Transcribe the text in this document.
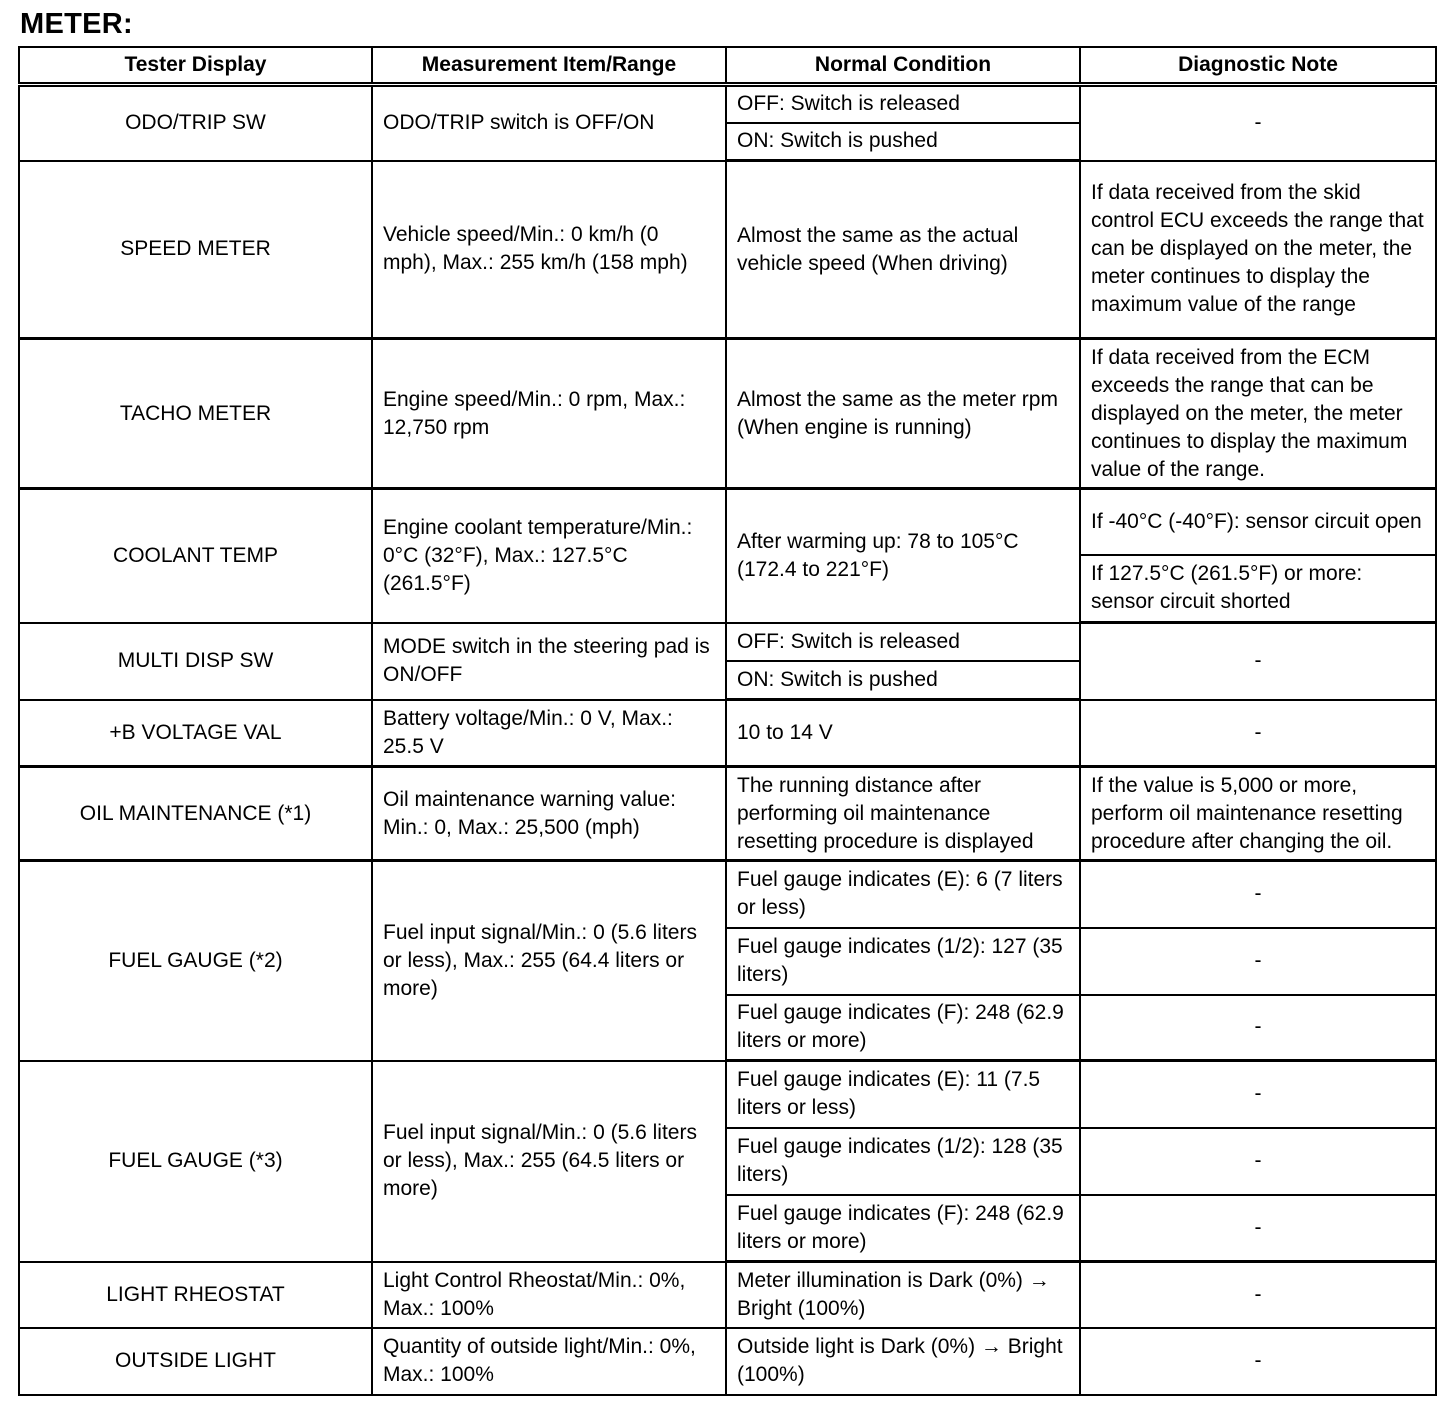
METER:
Tester Display	Measurement Item/Range	Normal Condition	Diagnostic Note
ODO/TRIP SW	ODO/TRIP switch is OFF/ON	OFF: Switch is released	-
		ON: Switch is pushed	
SPEED METER	Vehicle speed/Min.: 0 km/h (0 mph), Max.: 255 km/h (158 mph)	Almost the same as the actual vehicle speed (When driving)	If data received from the skid control ECU exceeds the range that can be displayed on the meter, the meter continues to display the maximum value of the range
TACHO METER	Engine speed/Min.: 0 rpm, Max.: 12,750 rpm	Almost the same as the meter rpm (When engine is running)	If data received from the ECM exceeds the range that can be displayed on the meter, the meter continues to display the maximum value of the range.
COOLANT TEMP	Engine coolant temperature/Min.: 0°C (32°F), Max.: 127.5°C (261.5°F)	After warming up: 78 to 105°C (172.4 to 221°F)	If -40°C (-40°F): sensor circuit open
			If 127.5°C (261.5°F) or more: sensor circuit shorted
MULTI DISP SW	MODE switch in the steering pad is ON/OFF	OFF: Switch is released	-
		ON: Switch is pushed	
+B VOLTAGE VAL	Battery voltage/Min.: 0 V, Max.: 25.5 V	10 to 14 V	-
OIL MAINTENANCE (*1)	Oil maintenance warning value: Min.: 0, Max.: 25,500 (mph)	The running distance after performing oil maintenance resetting procedure is displayed	If the value is 5,000 or more, perform oil maintenance resetting procedure after changing the oil.
FUEL GAUGE (*2)	Fuel input signal/Min.: 0 (5.6 liters or less), Max.: 255 (64.4 liters or more)	Fuel gauge indicates (E): 6 (7 liters or less)	-
		Fuel gauge indicates (1/2): 127 (35 liters)	-
		Fuel gauge indicates (F): 248 (62.9 liters or more)	-
FUEL GAUGE (*3)	Fuel input signal/Min.: 0 (5.6 liters or less), Max.: 255 (64.5 liters or more)	Fuel gauge indicates (E): 11 (7.5 liters or less)	-
		Fuel gauge indicates (1/2): 128 (35 liters)	-
		Fuel gauge indicates (F): 248 (62.9 liters or more)	-
LIGHT RHEOSTAT	Light Control Rheostat/Min.: 0%, Max.: 100%	Meter illumination is Dark (0%) → Bright (100%)	-
OUTSIDE LIGHT	Quantity of outside light/Min.: 0%, Max.: 100%	Outside light is Dark (0%) → Bright (100%)	-
